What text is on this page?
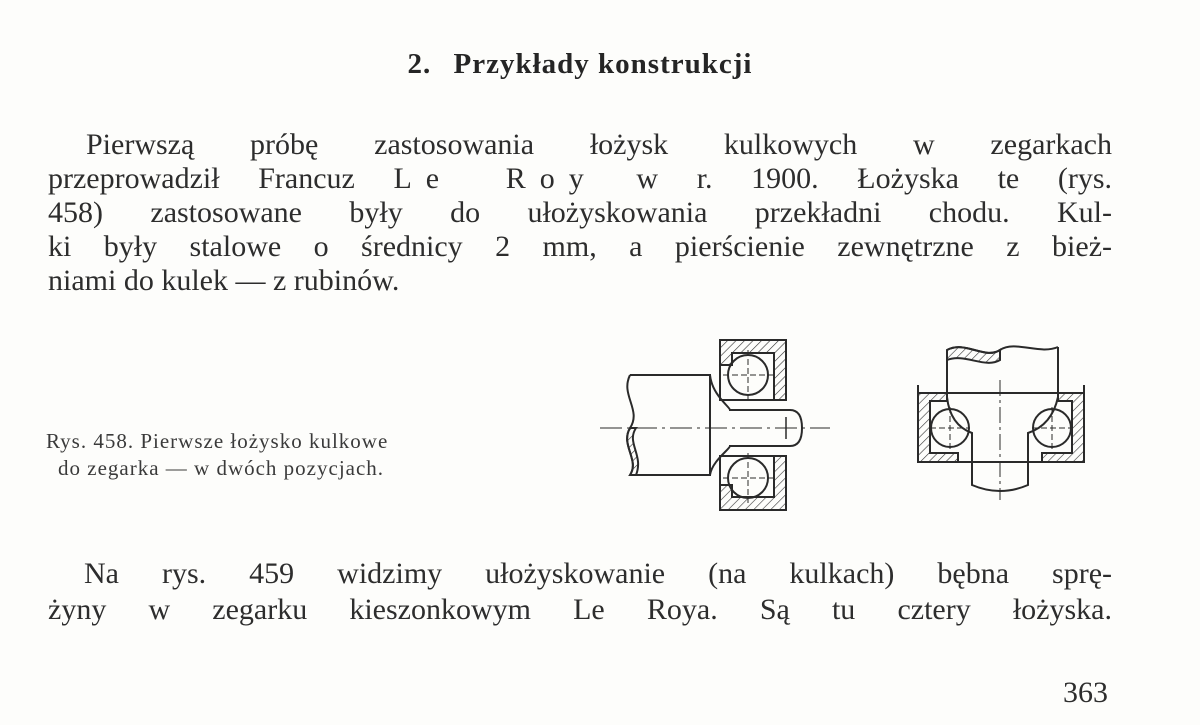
2. Przykłady konstrukcji
Pierwszą próbę zastosowania łożysk kulkowych w zegarkach
przeprowadził Francuz Le Roy w r. 1900. Łożyska te (rys.
458) zastosowane były do ułożyskowania przekładni chodu. Kul-
ki były stalowe o średnicy 2 mm, a pierścienie zewnętrzne z bież-
niami do kulek — z rubinów.
Rys. 458. Pierwsze łożysko kulkowe
do zegarka — w dwóch pozycjach.
Na rys. 459 widzimy ułożyskowanie (na kulkach) bębna sprę-
żyny w zegarku kieszonkowym Le Roya. Są tu cztery łożyska.
363
